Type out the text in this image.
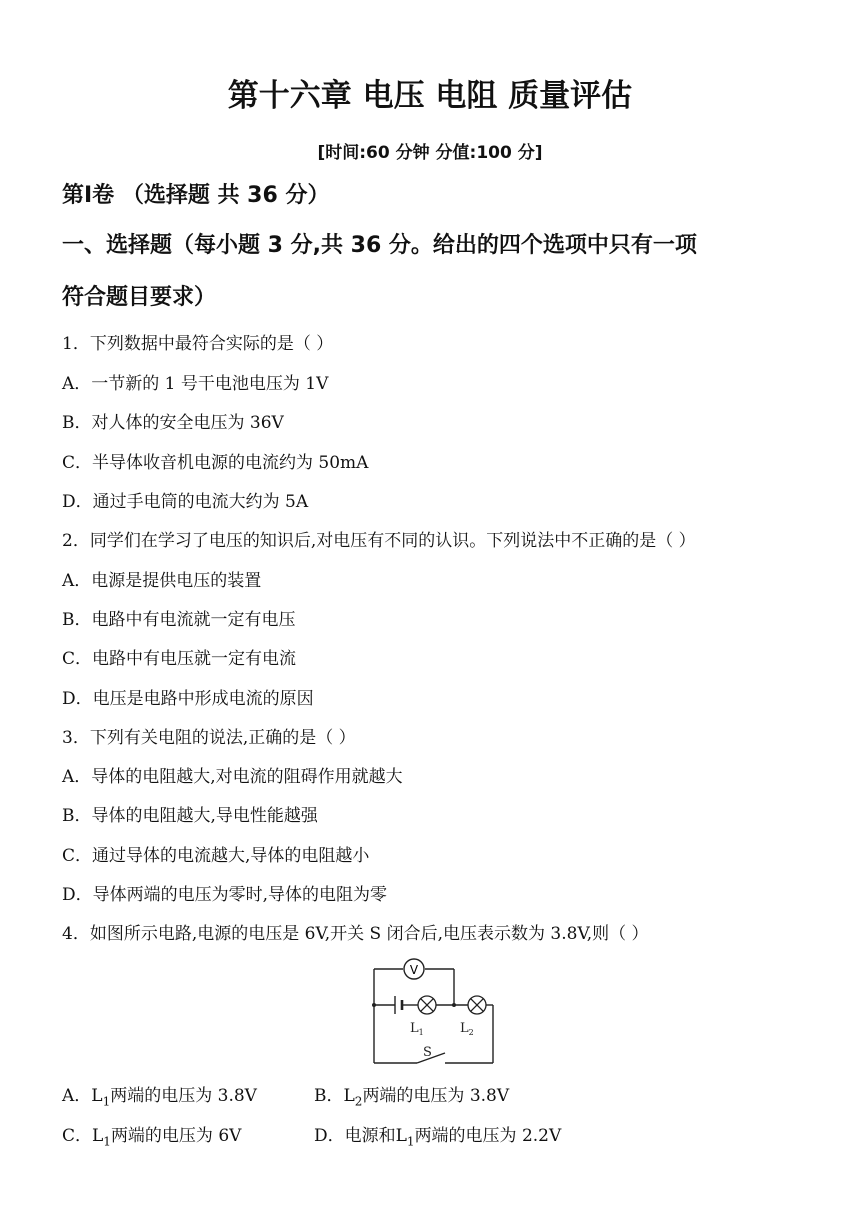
第十六章 电压 电阻 质量评估
[时间:60 分钟 分值:100 分]
第Ⅰ卷 （选择题 共 36 分）
一、选择题（每小题 3 分,共 36 分。给出的四个选项中只有一项
符合题目要求）
1．下列数据中最符合实际的是（ ）
A．一节新的 1 号干电池电压为 1V
B．对人体的安全电压为 36V
C．半导体收音机电源的电流约为 50mA
D．通过手电筒的电流大约为 5A
2．同学们在学习了电压的知识后,对电压有不同的认识。下列说法中不正确的是（ ）
A．电源是提供电压的装置
B．电路中有电流就一定有电压
C．电路中有电压就一定有电流
D．电压是电路中形成电流的原因
3．下列有关电阻的说法,正确的是（ ）
A．导体的电阻越大,对电流的阻碍作用就越大
B．导体的电阻越大,导电性能越强
C．通过导体的电流越大,导体的电阻越小
D．导体两端的电压为零时,导体的电阻为零
4．如图所示电路,电源的电压是 6V,开关 S 闭合后,电压表示数为 3.8V,则（ ）
V
$L_1$	$L_2$
S
A．$L_1$两端的电压为 3.8V	B．$L_2$两端的电压为 3.8V
C．$L_1$两端的电压为 6V	D．电源和$L_1$两端的电压为 2.2V
